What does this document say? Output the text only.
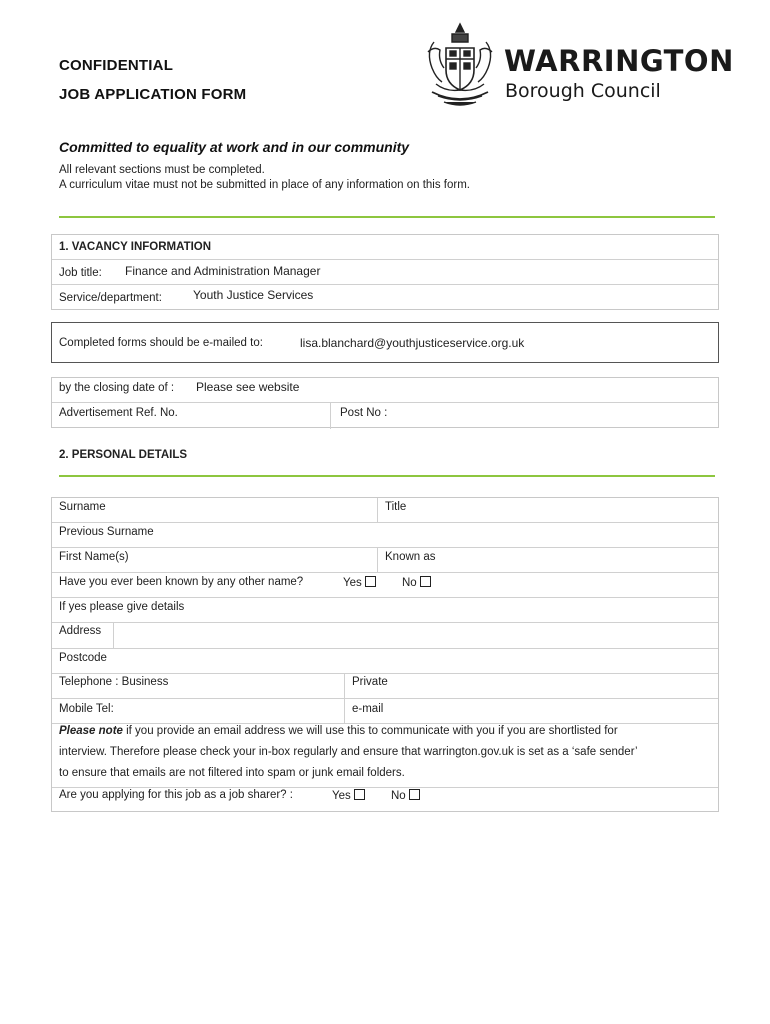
CONFIDENTIAL
JOB APPLICATION FORM
WARRINGTON
Borough Council
Committed to equality at work and in our community
All relevant sections must be completed.
A curriculum vitae must not be submitted in place of any information on this form.
1. VACANCY INFORMATION
Job title: Finance and Administration Manager
Service/department:	Youth Justice Services
Completed forms should be e-mailed to:	lisa.blanchard@youthjusticeservice.org.uk
by the closing date of : Please see website
Advertisement Ref. No.	Post No :
2. PERSONAL DETAILS
Surname	Title
Previous Surname
First Name(s)	Known as
Have you ever been known by any other name?	Yes	No
If yes please give details
Address
Postcode
Telephone : Business	Private
Mobile Tel:	e-mail
Please note if you provide an email address we will use this to communicate with you if you are shortlisted for
interview. Therefore please check your in-box regularly and ensure that warrington.gov.uk is set as a ‘safe sender’
to ensure that emails are not filtered into spam or junk email folders.
Are you applying for this job as a job sharer? :	Yes	No
